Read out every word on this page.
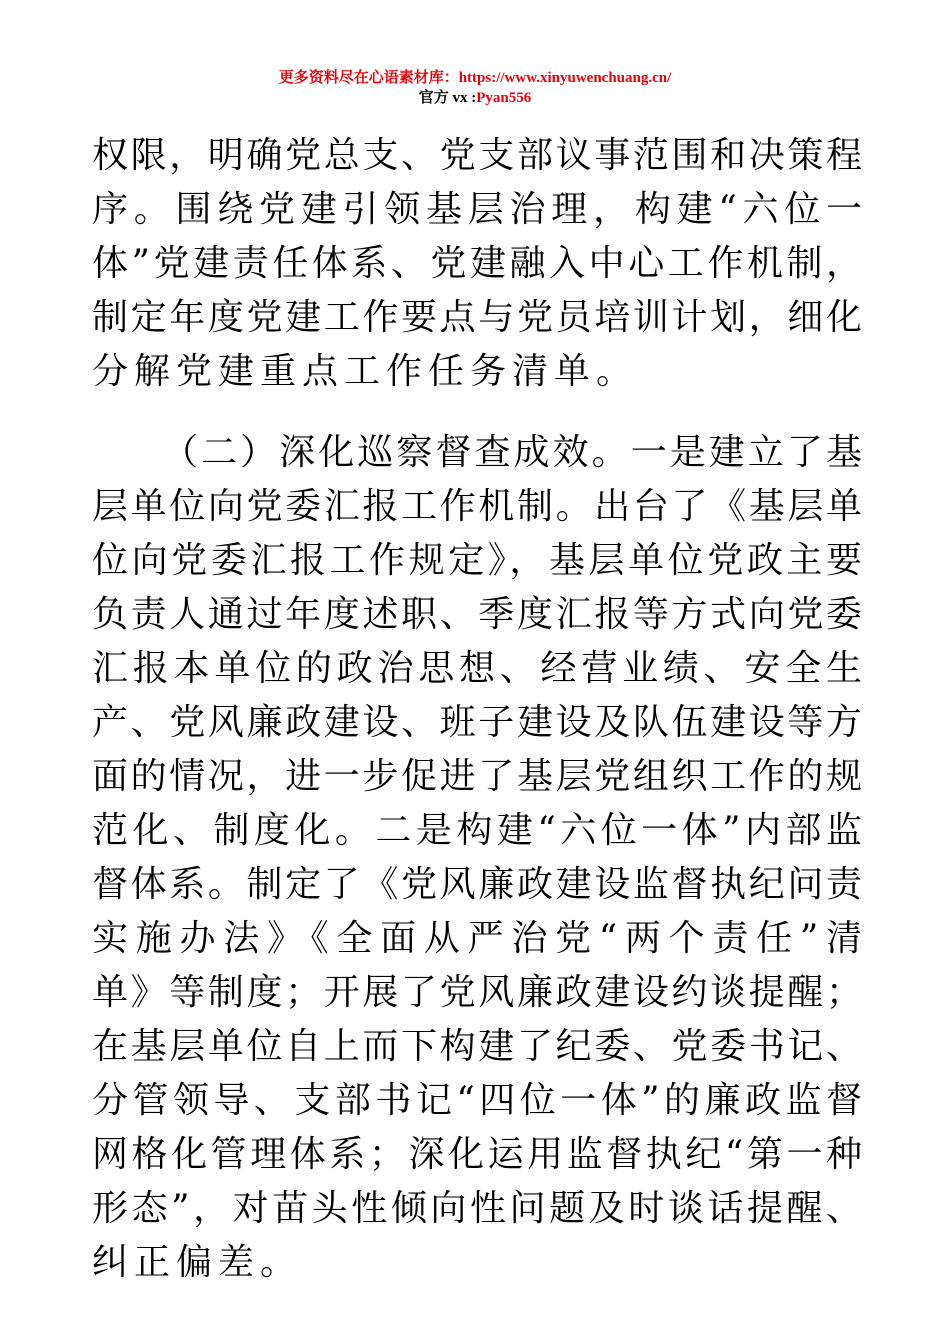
更多资料尽在心语素材库：https://www.xinyuwenchuang.cn/
官方 vx :Pyan556
权限，明确党总支、党支部议事范围和决策程
序。围绕党建引领基层治理，构建“六位一
体”党建责任体系、党建融入中心工作机制，
制定年度党建工作要点与党员培训计划，细化
分解党建重点工作任务清单。
（二）深化巡察督查成效。一是建立了基
层单位向党委汇报工作机制。出台了《基层单
位向党委汇报工作规定》，基层单位党政主要
负责人通过年度述职、季度汇报等方式向党委
汇报本单位的政治思想、经营业绩、安全生
产、党风廉政建设、班子建设及队伍建设等方
面的情况，进一步促进了基层党组织工作的规
范化、制度化。二是构建“六位一体”内部监
督体系。制定了《党风廉政建设监督执纪问责
实施办法》《全面从严治党“两个责任”清
单》等制度；开展了党风廉政建设约谈提醒；
在基层单位自上而下构建了纪委、党委书记、
分管领导、支部书记“四位一体”的廉政监督
网格化管理体系；深化运用监督执纪“第一种
形态”，对苗头性倾向性问题及时谈话提醒、
纠正偏差。
